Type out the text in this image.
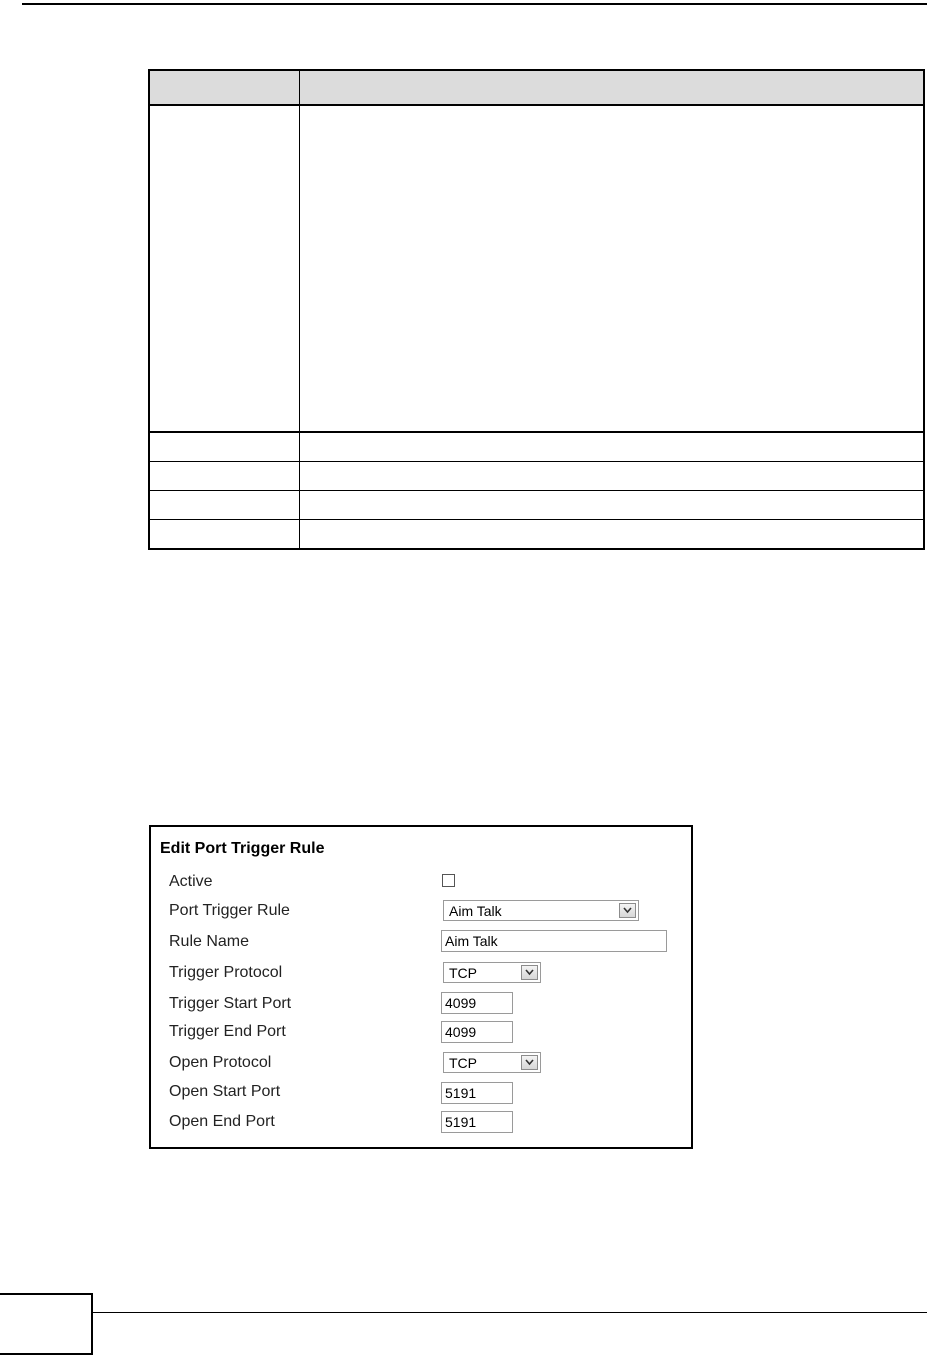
Edit Port Trigger Rule
Active
Port Trigger Rule	Aim Talk
Rule Name	Aim Talk
Trigger Protocol	TCP
Trigger Start Port	4099
Trigger End Port	4099
Open Protocol	TCP
Open Start Port	5191
Open End Port	5191
